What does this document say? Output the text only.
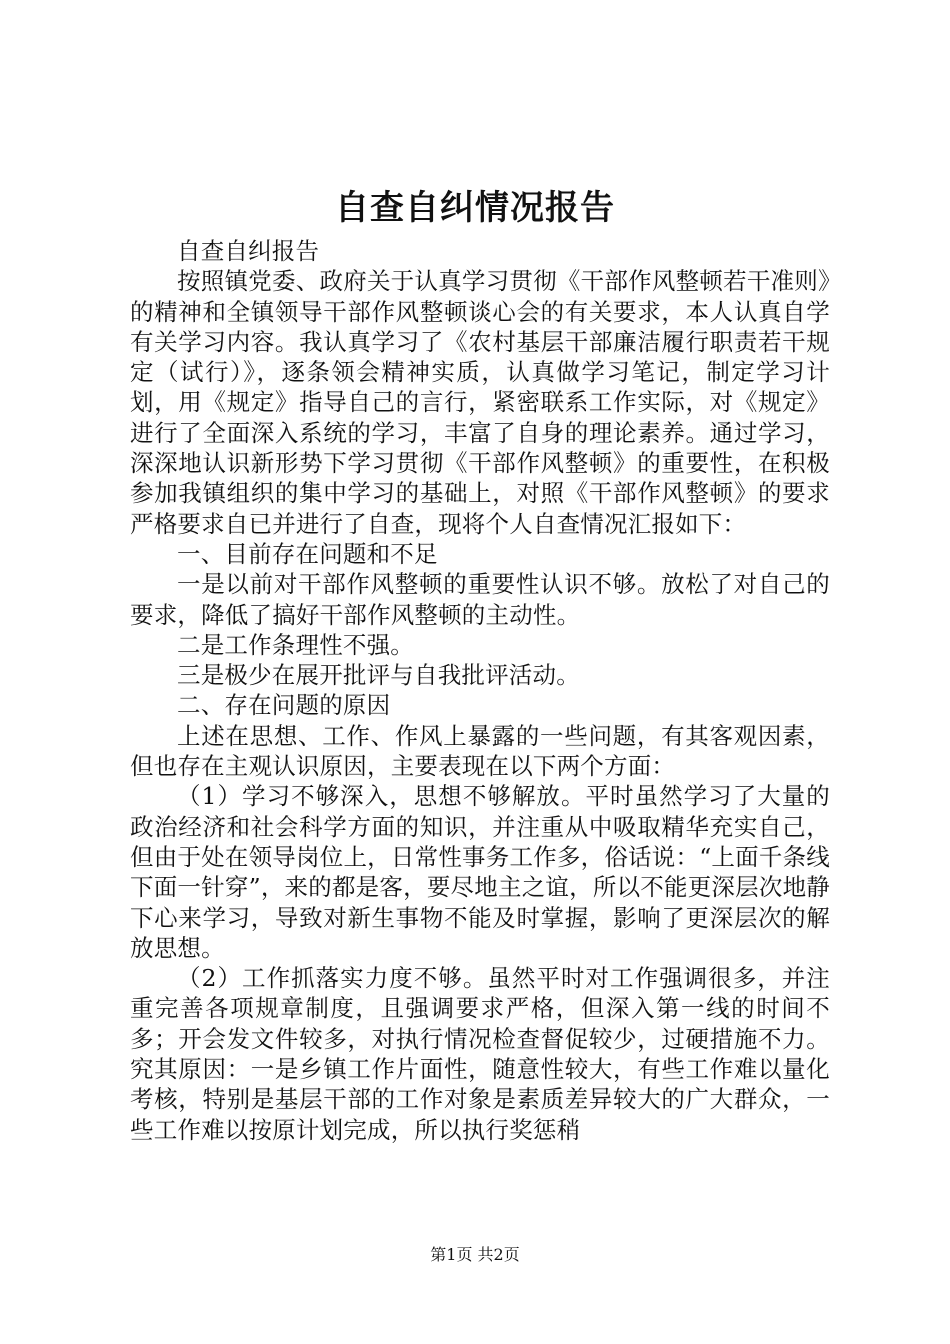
自查自纠情况报告

自查自纠报告

按照镇党委、政府关于认真学习贯彻《干部作风整顿若干准则》的精神和全镇领导干部作风整顿谈心会的有关要求，本人认真自学有关学习内容。我认真学习了《农村基层干部廉洁履行职责若干规定（试行）》，逐条领会精神实质，认真做学习笔记，制定学习计划，用《规定》指导自己的言行，紧密联系工作实际，对《规定》进行了全面深入系统的学习，丰富了自身的理论素养。通过学习，深深地认识新形势下学习贯彻《干部作风整顿》的重要性，在积极参加我镇组织的集中学习的基础上，对照《干部作风整顿》的要求严格要求自已并进行了自查，现将个人自查情况汇报如下：

一、目前存在问题和不足

一是以前对干部作风整顿的重要性认识不够。放松了对自己的要求，降低了搞好干部作风整顿的主动性。

二是工作条理性不强。

三是极少在展开批评与自我批评活动。

二、存在问题的原因

上述在思想、工作、作风上暴露的一些问题，有其客观因素，但也存在主观认识原因，主要表现在以下两个方面：

（1）学习不够深入，思想不够解放。平时虽然学习了大量的政治经济和社会科学方面的知识，并注重从中吸取精华充实自己，但由于处在领导岗位上，日常性事务工作多，俗话说：“上面千条线下面一针穿”，来的都是客，要尽地主之谊，所以不能更深层次地静下心来学习，导致对新生事物不能及时掌握，影响了更深层次的解放思想。

（2）工作抓落实力度不够。虽然平时对工作强调很多，并注重完善各项规章制度，且强调要求严格，但深入第一线的时间不多；开会发文件较多，对执行情况检查督促较少，过硬措施不力。究其原因：一是乡镇工作片面性，随意性较大，有些工作难以量化考核，特别是基层干部的工作对象是素质差异较大的广大群众，一些工作难以按原计划完成，所以执行奖惩稍

第1页 共2页
